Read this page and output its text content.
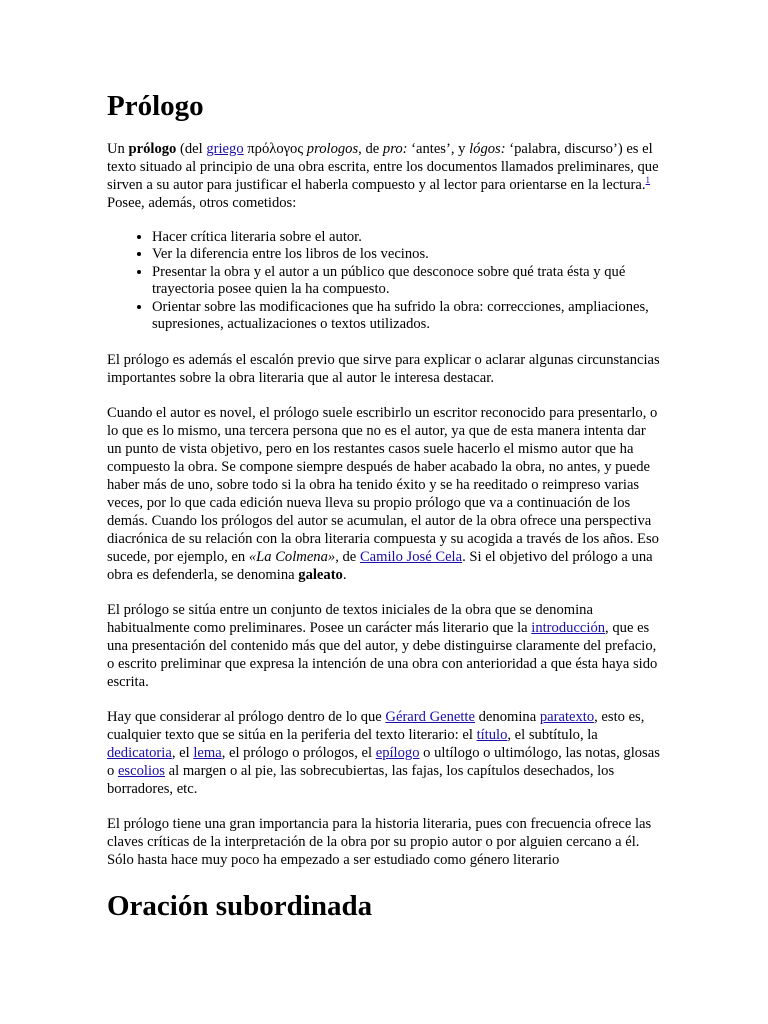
Prólogo

Un prólogo (del griego πρόλογος prologos, de pro: ‘antes’, y lógos: ‘palabra, discurso’) es el texto situado al principio de una obra escrita, entre los documentos llamados preliminares, que sirven a su autor para justificar el haberla compuesto y al lector para orientarse en la lectura.$^1$ Posee, además, otros cometidos:

• Hacer crítica literaria sobre el autor.
• Ver la diferencia entre los libros de los vecinos.
• Presentar la obra y el autor a un público que desconoce sobre qué trata ésta y qué trayectoria posee quien la ha compuesto.
• Orientar sobre las modificaciones que ha sufrido la obra: correcciones, ampliaciones, supresiones, actualizaciones o textos utilizados.

El prólogo es además el escalón previo que sirve para explicar o aclarar algunas circunstancias importantes sobre la obra literaria que al autor le interesa destacar.

Cuando el autor es novel, el prólogo suele escribirlo un escritor reconocido para presentarlo, o lo que es lo mismo, una tercera persona que no es el autor, ya que de esta manera intenta dar un punto de vista objetivo, pero en los restantes casos suele hacerlo el mismo autor que ha compuesto la obra. Se compone siempre después de haber acabado la obra, no antes, y puede haber más de uno, sobre todo si la obra ha tenido éxito y se ha reeditado o reimpreso varias veces, por lo que cada edición nueva lleva su propio prólogo que va a continuación de los demás. Cuando los prólogos del autor se acumulan, el autor de la obra ofrece una perspectiva diacrónica de su relación con la obra literaria compuesta y su acogida a través de los años. Eso sucede, por ejemplo, en «La Colmena», de Camilo José Cela. Si el objetivo del prólogo a una obra es defenderla, se denomina galeato.

El prólogo se sitúa entre un conjunto de textos iniciales de la obra que se denomina habitualmente como preliminares. Posee un carácter más literario que la introducción, que es una presentación del contenido más que del autor, y debe distinguirse claramente del prefacio, o escrito preliminar que expresa la intención de una obra con anterioridad a que ésta haya sido escrita.

Hay que considerar al prólogo dentro de lo que Gérard Genette denomina paratexto, esto es, cualquier texto que se sitúa en la periferia del texto literario: el título, el subtítulo, la dedicatoria, el lema, el prólogo o prólogos, el epílogo o ultílogo o ultimólogo, las notas, glosas o escolios al margen o al pie, las sobrecubiertas, las fajas, los capítulos desechados, los borradores, etc.

El prólogo tiene una gran importancia para la historia literaria, pues con frecuencia ofrece las claves críticas de la interpretación de la obra por su propio autor o por alguien cercano a él. Sólo hasta hace muy poco ha empezado a ser estudiado como género literario

Oración subordinada
